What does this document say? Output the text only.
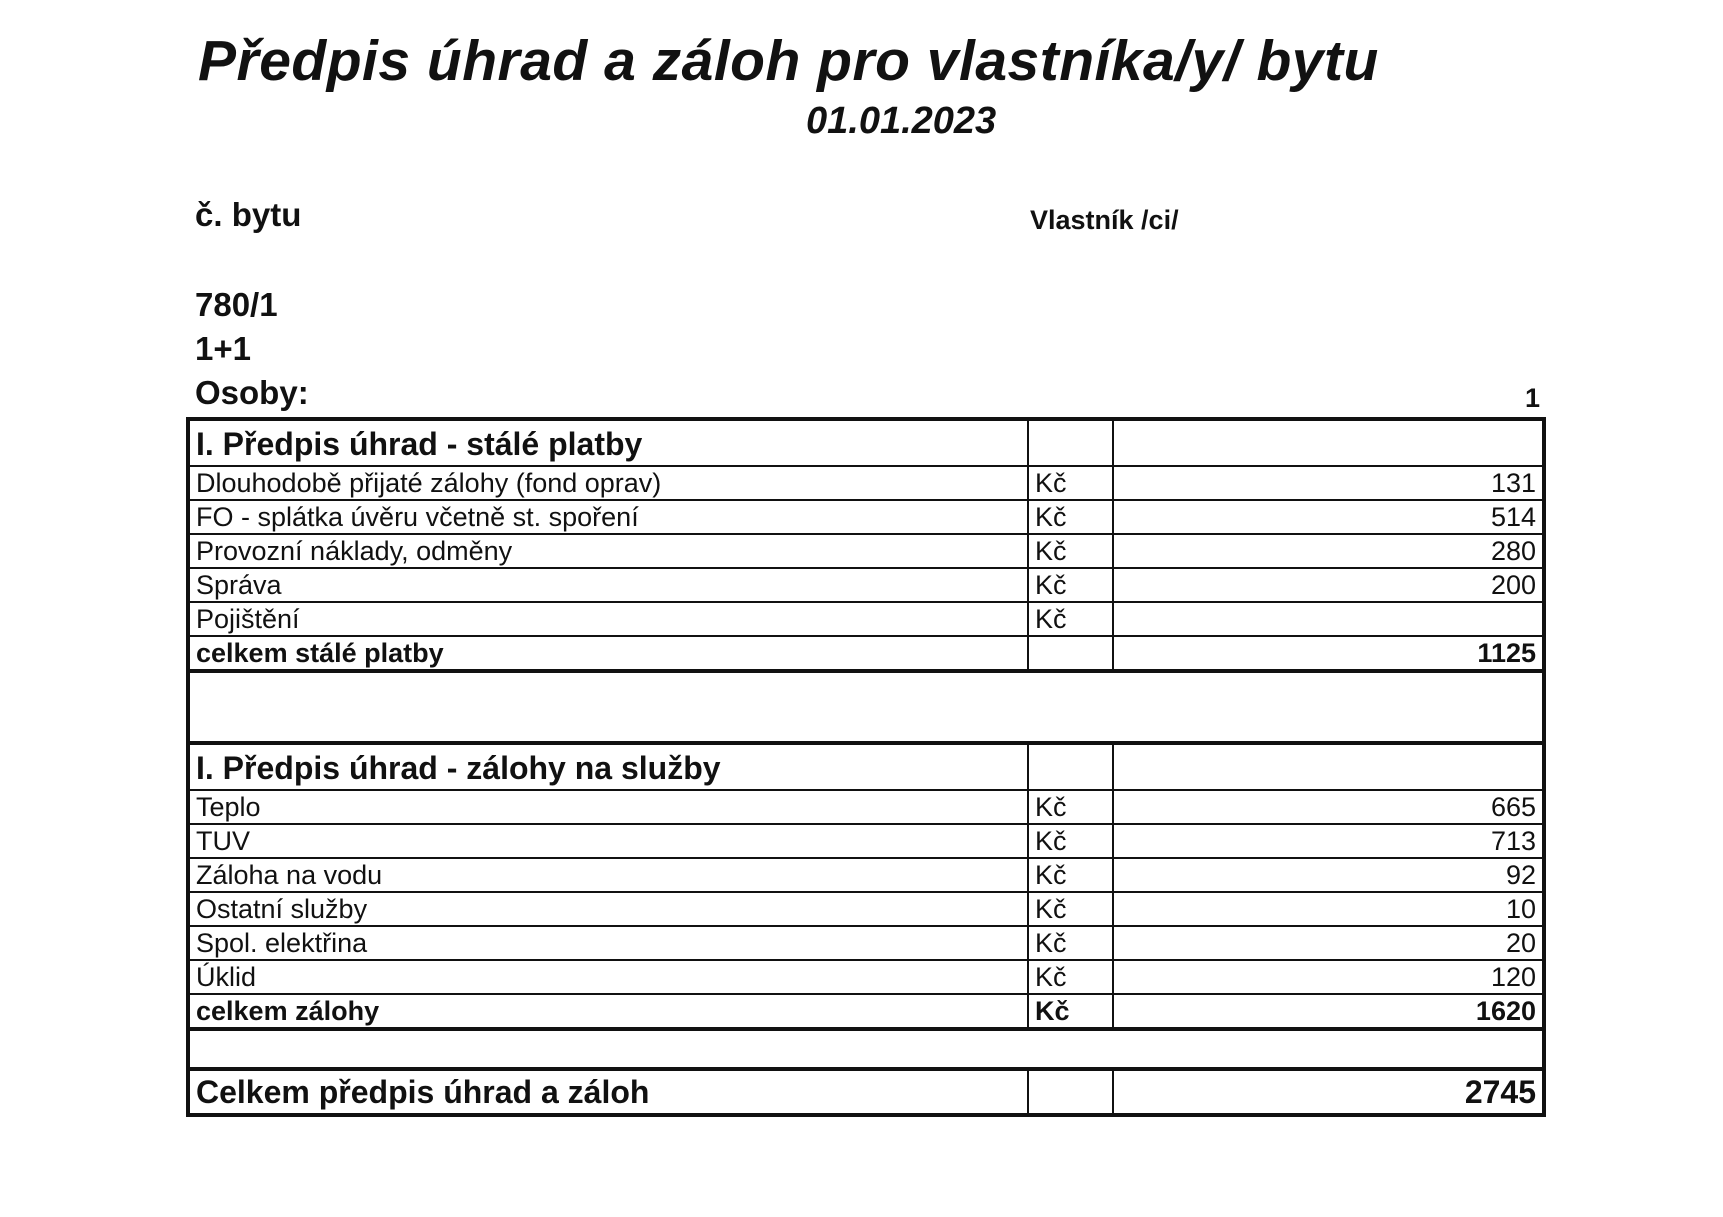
Předpis úhrad a záloh pro vlastníka/y/ bytu
01.01.2023
č. bytu	Vlastník /ci/
780/1
1+1
Osoby:	1
I. Předpis úhrad - stálé platby		
Dlouhodobě přijaté zálohy (fond oprav)	Kč	131
FO - splátka úvěru včetně st. spoření	Kč	514
Provozní náklady, odměny	Kč	280
Správa	Kč	200
Pojištění	Kč	
celkem stálé platby		1125

I. Předpis úhrad - zálohy na služby		
Teplo	Kč	665
TUV	Kč	713
Záloha na vodu	Kč	92
Ostatní služby	Kč	10
Spol. elektřina	Kč	20
Úklid	Kč	120
celkem zálohy	Kč	1620

Celkem předpis úhrad a záloh		2745
